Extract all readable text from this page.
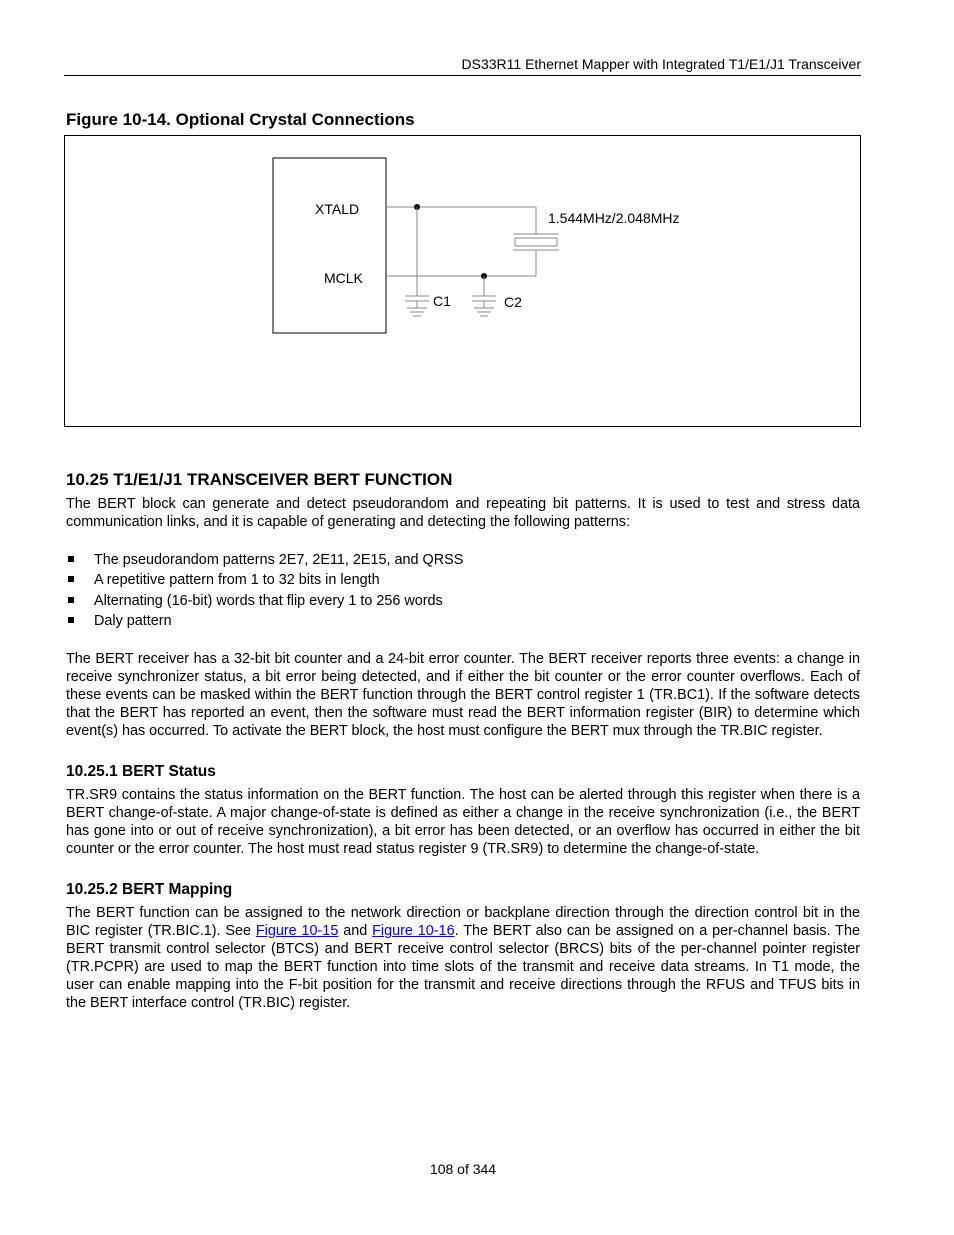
DS33R11 Ethernet Mapper with Integrated T1/E1/J1 Transceiver
Figure 10-14. Optional Crystal Connections
XTALD
MCLK
1.544MHz/2.048MHz
C1	C2
10.25 T1/E1/J1 TRANSCEIVER BERT FUNCTION

The BERT block can generate and detect pseudorandom and repeating bit patterns. It is used to test and stress data communication links, and it is capable of generating and detecting the following patterns:

The pseudorandom patterns 2E7, 2E11, 2E15, and QRSS
A repetitive pattern from 1 to 32 bits in length
Alternating (16-bit) words that flip every 1 to 256 words
Daly pattern

The BERT receiver has a 32-bit bit counter and a 24-bit error counter. The BERT receiver reports three events: a change in receive synchronizer status, a bit error being detected, and if either the bit counter or the error counter overflows. Each of these events can be masked within the BERT function through the BERT control register 1 (TR.BC1). If the software detects that the BERT has reported an event, then the software must read the BERT information register (BIR) to determine which event(s) has occurred. To activate the BERT block, the host must configure the BERT mux through the TR.BIC register.

10.25.1 BERT Status

TR.SR9 contains the status information on the BERT function. The host can be alerted through this register when there is a BERT change-of-state. A major change-of-state is defined as either a change in the receive synchronization (i.e., the BERT has gone into or out of receive synchronization), a bit error has been detected, or an overflow has occurred in either the bit counter or the error counter. The host must read status register 9 (TR.SR9) to determine the change-of-state.

10.25.2 BERT Mapping

The BERT function can be assigned to the network direction or backplane direction through the direction control bit in the BIC register (TR.BIC.1). See Figure 10-15 and Figure 10-16. The BERT also can be assigned on a per-channel basis. The BERT transmit control selector (BTCS) and BERT receive control selector (BRCS) bits of the per-channel pointer register (TR.PCPR) are used to map the BERT function into time slots of the transmit and receive data streams. In T1 mode, the user can enable mapping into the F-bit position for the transmit and receive directions through the RFUS and TFUS bits in the BERT interface control (TR.BIC) register.

108 of 344
